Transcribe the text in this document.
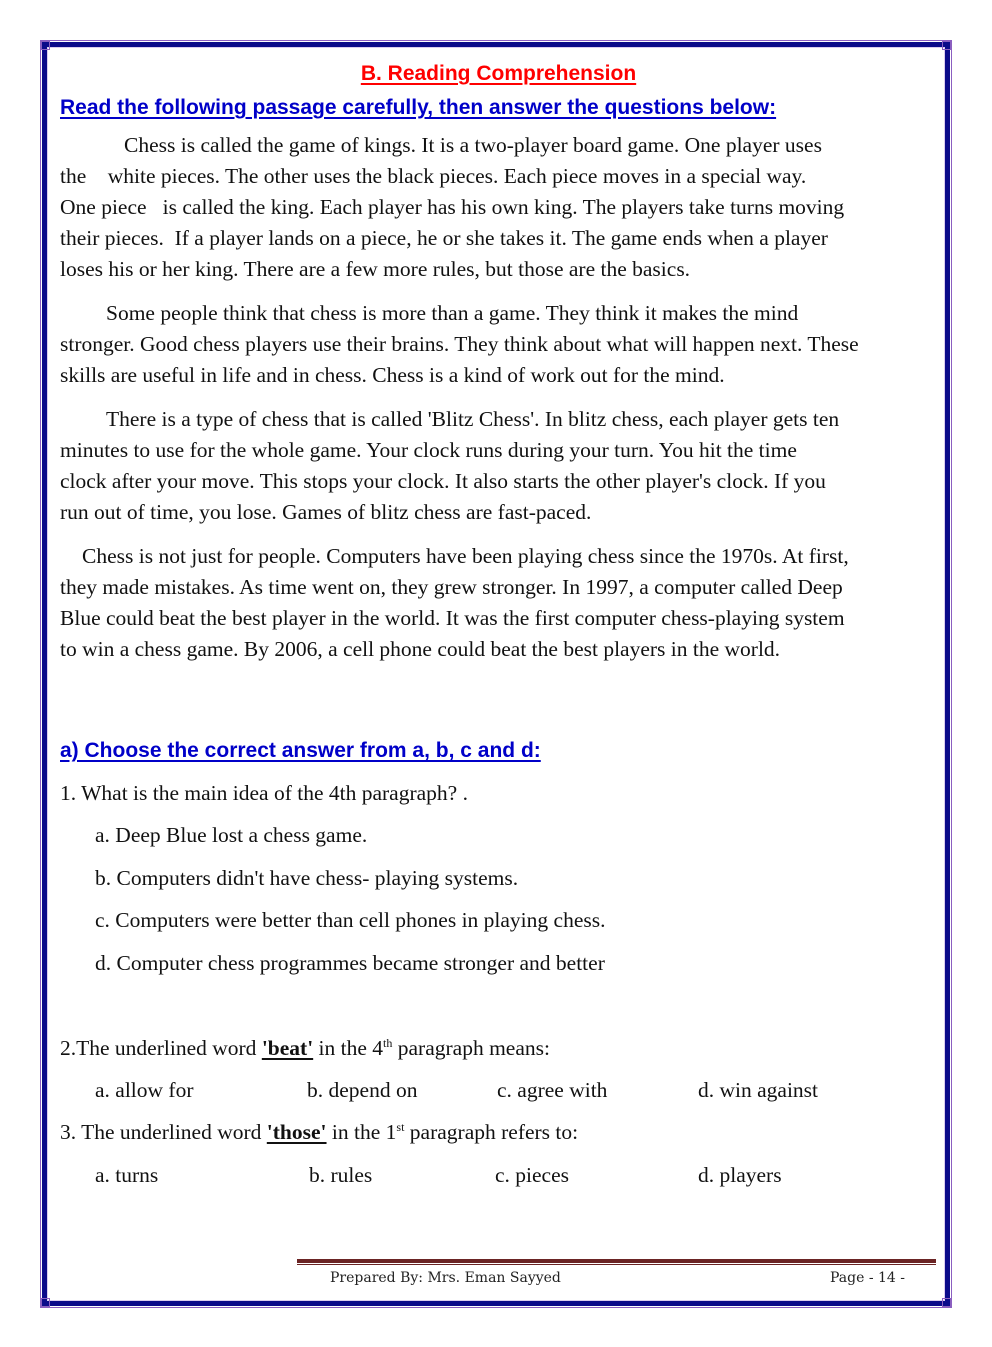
B. Reading Comprehension
Read the following passage carefully, then answer the questions below:

Chess is called the game of kings. It is a two-player board game. One player uses
the    white pieces. The other uses the black pieces. Each piece moves in a special way.
One piece   is called the king. Each player has his own king. The players take turns moving
their pieces.  If a player lands on a piece, he or she takes it. The game ends when a player
loses his or her king. There are a few more rules, but those are the basics.

Some people think that chess is more than a game. They think it makes the mind
stronger. Good chess players use their brains. They think about what will happen next. These
skills are useful in life and in chess. Chess is a kind of work out for the mind.

There is a type of chess that is called 'Blitz Chess'. In blitz chess, each player gets ten
minutes to use for the whole game. Your clock runs during your turn. You hit the time
clock after your move. This stops your clock. It also starts the other player's clock. If you
run out of time, you lose. Games of blitz chess are fast-paced.

Chess is not just for people. Computers have been playing chess since the 1970s. At first,
they made mistakes. As time went on, they grew stronger. In 1997, a computer called Deep
Blue could beat the best player in the world. It was the first computer chess-playing system
to win a chess game. By 2006, a cell phone could beat the best players in the world.

a) Choose the correct answer from a, b, c and d:
1. What is the main idea of the 4th paragraph? .
a. Deep Blue lost a chess game.
b. Computers didn't have chess- playing systems.
c. Computers were better than cell phones in playing chess.
d. Computer chess programmes became stronger and better
2.The underlined word 'beat' in the 4th paragraph means:
a. allow for	b. depend on	c. agree with	d. win against
3. The underlined word 'those' in the 1st paragraph refers to:
a. turns	b. rules	c. pieces	d. players
Prepared By: Mrs. Eman Sayyed	Page - 14 -
